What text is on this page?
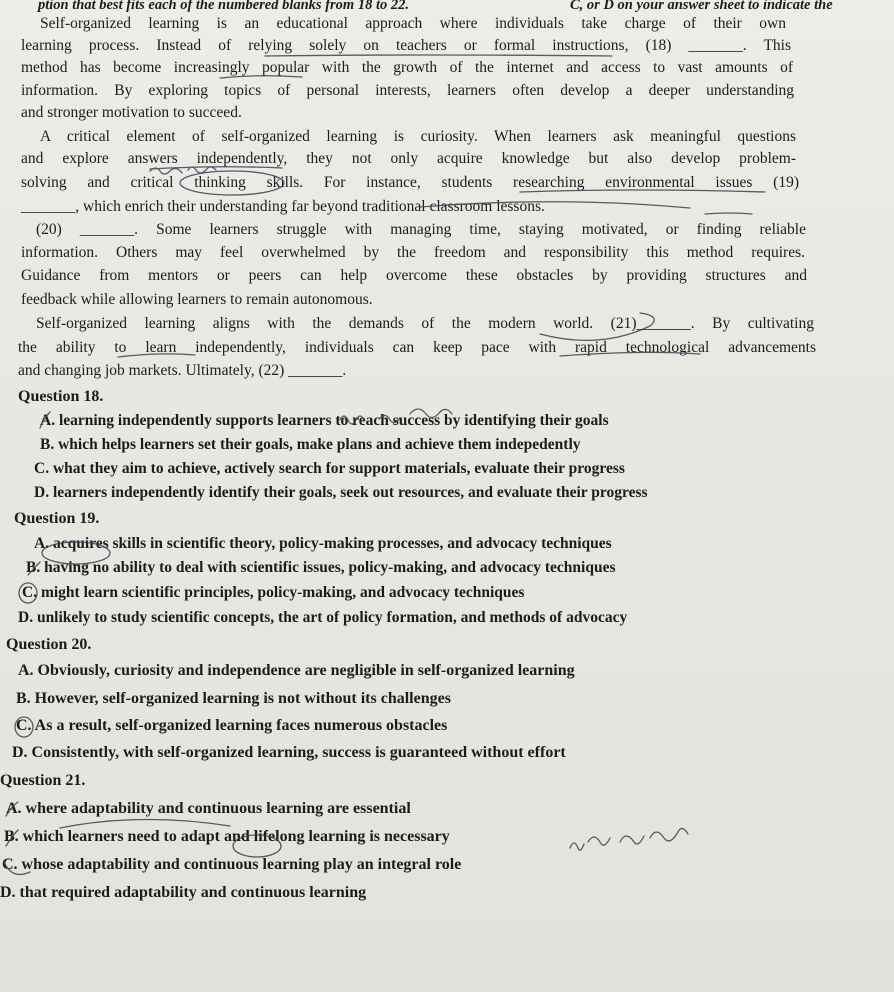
ption that best fits each of the numbered blanks from 18 to 22.	C, or D on your answer sheet to indicate the
Self-organized learning is an educational approach where individuals take charge of their own
learning process. Instead of relying solely on teachers or formal instructions, (18) _______. This
method has become increasingly popular with the growth of the internet and access to vast amounts of
information. By exploring topics of personal interests, learners often develop a deeper understanding
and stronger motivation to succeed.
A critical element of self-organized learning is curiosity. When learners ask meaningful questions
and explore answers independently, they not only acquire knowledge but also develop problem-
solving and critical thinking skills. For instance, students researching environmental issues (19)
_______, which enrich their understanding far beyond traditional classroom lessons.
(20) _______. Some learners struggle with managing time, staying motivated, or finding reliable
information. Others may feel overwhelmed by the freedom and responsibility this method requires.
Guidance from mentors or peers can help overcome these obstacles by providing structures and
feedback while allowing learners to remain autonomous.
Self-organized learning aligns with the demands of the modern world. (21)_______. By cultivating
the ability to learn independently, individuals can keep pace with rapid technological advancements
and changing job markets. Ultimately, (22) _______.
Question 18.
A. learning independently supports learners to reach success by identifying their goals
B. which helps learners set their goals, make plans and achieve them indepedently
C. what they aim to achieve, actively search for support materials, evaluate their progress
D. learners independently identify their goals, seek out resources, and evaluate their progress
Question 19.
A. acquires skills in scientific theory, policy-making processes, and advocacy techniques
B. having no ability to deal with scientific issues, policy-making, and advocacy techniques
C. might learn scientific principles, policy-making, and advocacy techniques
D. unlikely to study scientific concepts, the art of policy formation, and methods of advocacy
Question 20.
A. Obviously, curiosity and independence are negligible in self-organized learning
B. However, self-organized learning is not without its challenges
C. As a result, self-organized learning faces numerous obstacles
D. Consistently, with self-organized learning, success is guaranteed without effort
Question 21.
A. where adaptability and continuous learning are essential
B. which learners need to adapt and lifelong learning is necessary
C. whose adaptability and continuous learning play an integral role
D. that required adaptability and continuous learning
